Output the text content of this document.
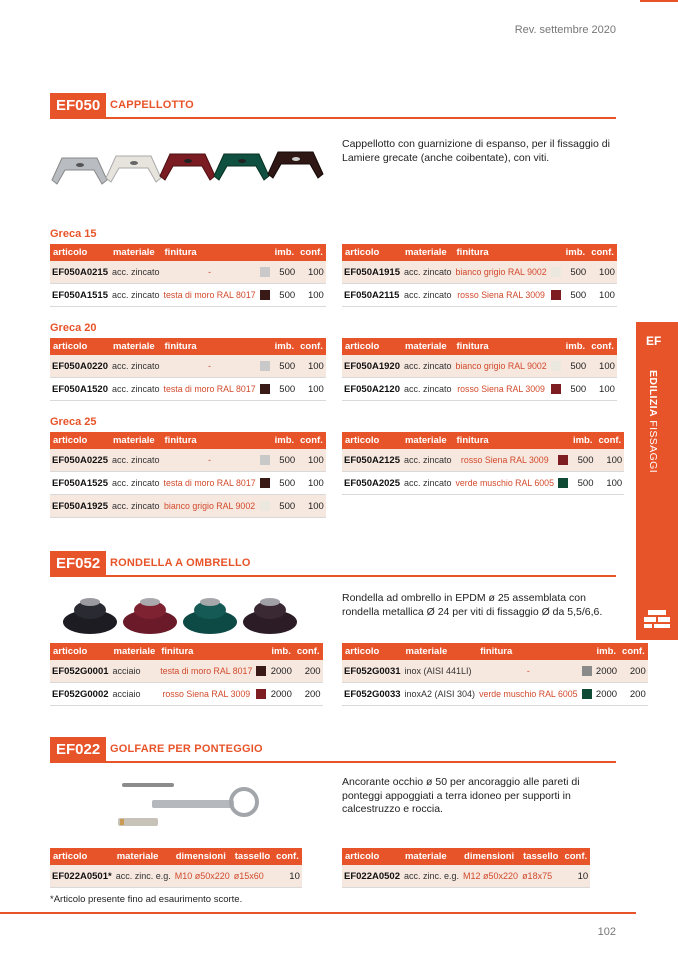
Rev. settembre 2020
EF050 CAPPELLOTTO
Cappellotto con guarnizione di espanso, per il fissaggio di Lamiere grecate (anche coibentate), con viti.
Greca 15
articolo	materiale	finitura		imb.	conf.
EF050A0215	acc. zincato	-		500	100
EF050A1515	acc. zincato	testa di moro RAL 8017		500	100
articolo	materiale	finitura		imb.	conf.
EF050A1915	acc. zincato	bianco grigio RAL 9002		500	100
EF050A2115	acc. zincato	rosso Siena RAL 3009		500	100
Greca 20
articolo	materiale	finitura		imb.	conf.
EF050A0220	acc. zincato	-		500	100
EF050A1520	acc. zincato	testa di moro RAL 8017		500	100
articolo	materiale	finitura		imb.	conf.
EF050A1920	acc. zincato	bianco grigio RAL 9002		500	100
EF050A2120	acc. zincato	rosso Siena RAL 3009		500	100
Greca 25
articolo	materiale	finitura		imb.	conf.
EF050A0225	acc. zincato	-		500	100
EF050A1525	acc. zincato	testa di moro RAL 8017		500	100
EF050A1925	acc. zincato	bianco grigio RAL 9002		500	100
articolo	materiale	finitura		imb.	conf.
EF050A2125	acc. zincato	rosso Siena RAL 3009		500	100
EF050A2025	acc. zincato	verde muschio RAL 6005		500	100
EF052 RONDELLA A OMBRELLO
Rondella ad ombrello in EPDM ø 25 assemblata con rondella metallica Ø 24 per viti di fissaggio Ø da 5,5/6,6.
articolo	materiale	finitura		imb.	conf.
EF052G0001	acciaio	testa di moro RAL 8017		2000	200
EF052G0002	acciaio	rosso Siena RAL 3009		2000	200
articolo	materiale	finitura		imb.	conf.
EF052G0031	inox (AISI 441LI)	-		2000	200
EF052G0033	inoxA2 (AISI 304)	verde muschio RAL 6005		2000	200
EF022 GOLFARE PER PONTEGGIO
Ancorante occhio ø 50 per ancoraggio alle pareti di ponteggi appoggiati a terra idoneo per supporti in calcestruzzo e roccia.
articolo	materiale	dimensioni	tassello	conf.
EF022A0501*	acc. zinc. e.g.	M10 ø50x220	ø15x60	10
articolo	materiale	dimensioni	tassello	conf.
EF022A0502	acc. zinc. e.g.	M12 ø50x220	ø18x75	10
*Articolo presente fino ad esaurimento scorte.
102
EF
EDILIZIA FISSAGGI
